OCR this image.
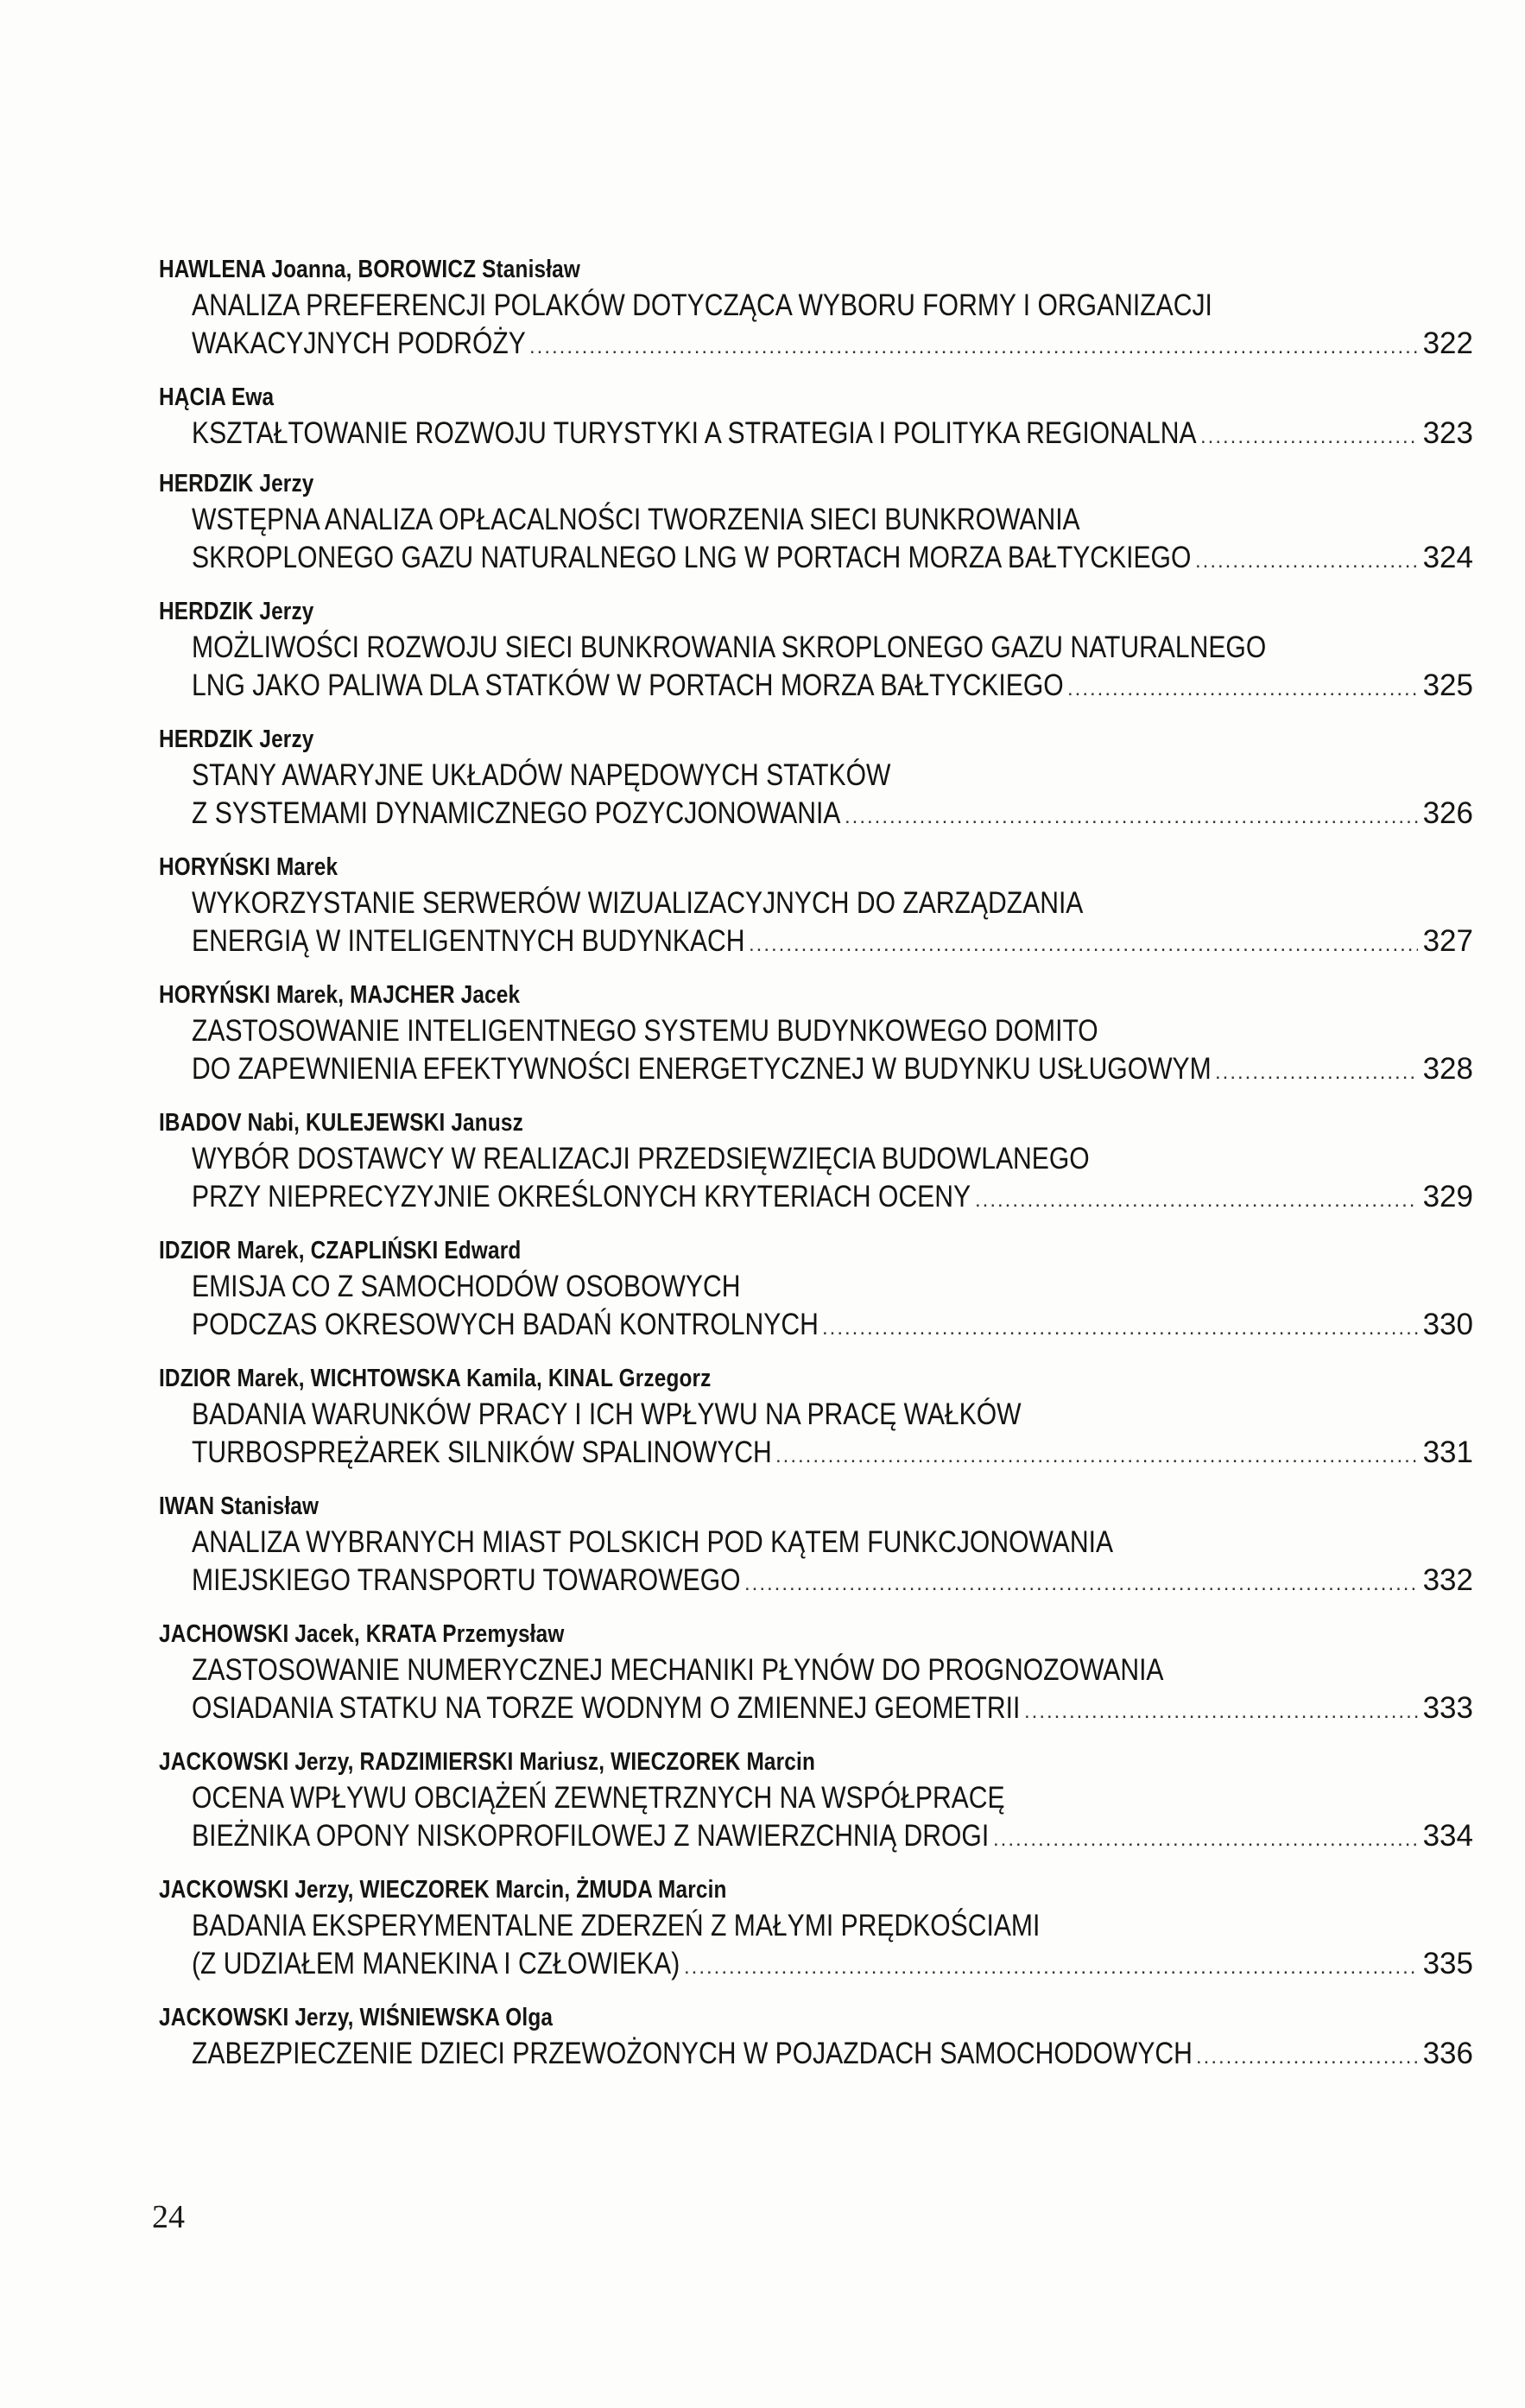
HAWLENA Joanna, BOROWICZ Stanisław
ANALIZA PREFERENCJI POLAKÓW DOTYCZĄCA WYBORU FORMY I ORGANIZACJI
WAKACYJNYCH PODRÓŻY .....	322
HĄCIA Ewa
KSZTAŁTOWANIE ROZWOJU TURYSTYKI A STRATEGIA I POLITYKA REGIONALNA .....	323
HERDZIK Jerzy
WSTĘPNA ANALIZA OPŁACALNOŚCI TWORZENIA SIECI BUNKROWANIA
SKROPLONEGO GAZU NATURALNEGO LNG W PORTACH MORZA BAŁTYCKIEGO .....	324
HERDZIK Jerzy
MOŻLIWOŚCI ROZWOJU SIECI BUNKROWANIA SKROPLONEGO GAZU NATURALNEGO
LNG JAKO PALIWA DLA STATKÓW W PORTACH MORZA BAŁTYCKIEGO .....	325
HERDZIK Jerzy
STANY AWARYJNE UKŁADÓW NAPĘDOWYCH STATKÓW
Z SYSTEMAMI DYNAMICZNEGO POZYCJONOWANIA .....	326
HORYŃSKI Marek
WYKORZYSTANIE SERWERÓW WIZUALIZACYJNYCH DO ZARZĄDZANIA
ENERGIĄ W INTELIGENTNYCH BUDYNKACH .....	327
HORYŃSKI Marek, MAJCHER Jacek
ZASTOSOWANIE INTELIGENTNEGO SYSTEMU BUDYNKOWEGO DOMITO
DO ZAPEWNIENIA EFEKTYWNOŚCI ENERGETYCZNEJ W BUDYNKU USŁUGOWYM .....	328
IBADOV Nabi, KULEJEWSKI Janusz
WYBÓR DOSTAWCY W REALIZACJI PRZEDSIĘWZIĘCIA BUDOWLANEGO
PRZY NIEPRECYZYJNIE OKREŚLONYCH KRYTERIACH OCENY .....	329
IDZIOR Marek, CZAPLIŃSKI Edward
EMISJA CO Z SAMOCHODÓW OSOBOWYCH
PODCZAS OKRESOWYCH BADAŃ KONTROLNYCH .....	330
IDZIOR Marek, WICHTOWSKA Kamila, KINAL Grzegorz
BADANIA WARUNKÓW PRACY I ICH WPŁYWU NA PRACĘ WAŁKÓW
TURBOSPRĘŻAREK SILNIKÓW SPALINOWYCH .....	331
IWAN Stanisław
ANALIZA WYBRANYCH MIAST POLSKICH POD KĄTEM FUNKCJONOWANIA
MIEJSKIEGO TRANSPORTU TOWAROWEGO .....	332
JACHOWSKI Jacek, KRATA Przemysław
ZASTOSOWANIE NUMERYCZNEJ MECHANIKI PŁYNÓW DO PROGNOZOWANIA
OSIADANIA STATKU NA TORZE WODNYM O ZMIENNEJ GEOMETRII .....	333
JACKOWSKI Jerzy, RADZIMIERSKI Mariusz, WIECZOREK Marcin
OCENA WPŁYWU OBCIĄŻEŃ ZEWNĘTRZNYCH NA WSPÓŁPRACĘ
BIEŻNIKA OPONY NISKOPROFILOWEJ Z NAWIERZCHNIĄ DROGI .....	334
JACKOWSKI Jerzy, WIECZOREK Marcin, ŻMUDA Marcin
BADANIA EKSPERYMENTALNE ZDERZEŃ Z MAŁYMI PRĘDKOŚCIAMI
(Z UDZIAŁEM MANEKINA I CZŁOWIEKA) .....	335
JACKOWSKI Jerzy, WIŚNIEWSKA Olga
ZABEZPIECZENIE DZIECI PRZEWOŻONYCH W POJAZDACH SAMOCHODOWYCH .....	336
24
